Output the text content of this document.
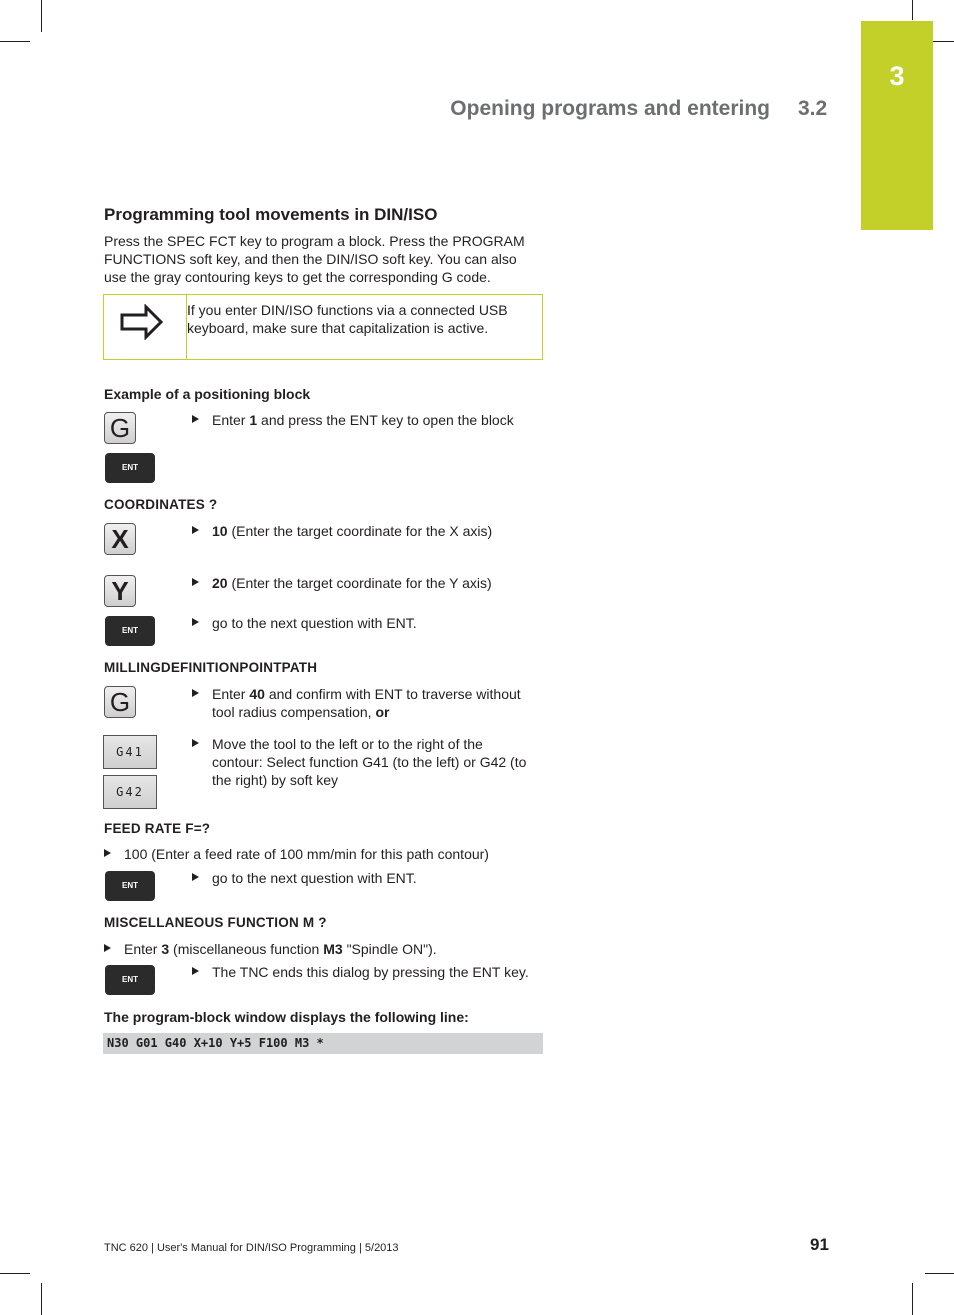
3
Opening programs and entering 3.2
Programming tool movements in DIN/ISO
Press the SPEC FCT key to program a block. Press the PROGRAM
FUNCTIONS soft key, and then the DIN/ISO soft key. You can also
use the gray contouring keys to get the corresponding G code.
If you enter DIN/ISO functions via a connected USB
keyboard, make sure that capitalization is active.
Example of a positioning block
G
ENT
Enter 1 and press the ENT key to open the block
COORDINATES ?
X	10 (Enter the target coordinate for the X axis)
Y	20 (Enter the target coordinate for the Y axis)
ENT	go to the next question with ENT.
MILLINGDEFINITIONPOINTPATH
G	Enter 40 and confirm with ENT to traverse without
tool radius compensation, or
G41
G42
Move the tool to the left or to the right of the
contour: Select function G41 (to the left) or G42 (to
the right) by soft key
FEED RATE F=?
100 (Enter a feed rate of 100 mm/min for this path contour)
ENT	go to the next question with ENT.
MISCELLANEOUS FUNCTION M ?
Enter 3 (miscellaneous function M3 "Spindle ON").
ENT	The TNC ends this dialog by pressing the ENT key.
The program-block window displays the following line:
N30 G01 G40 X+10 Y+5 F100 M3 *
TNC 620 | User's Manual for DIN/ISO Programming | 5/2013	91
